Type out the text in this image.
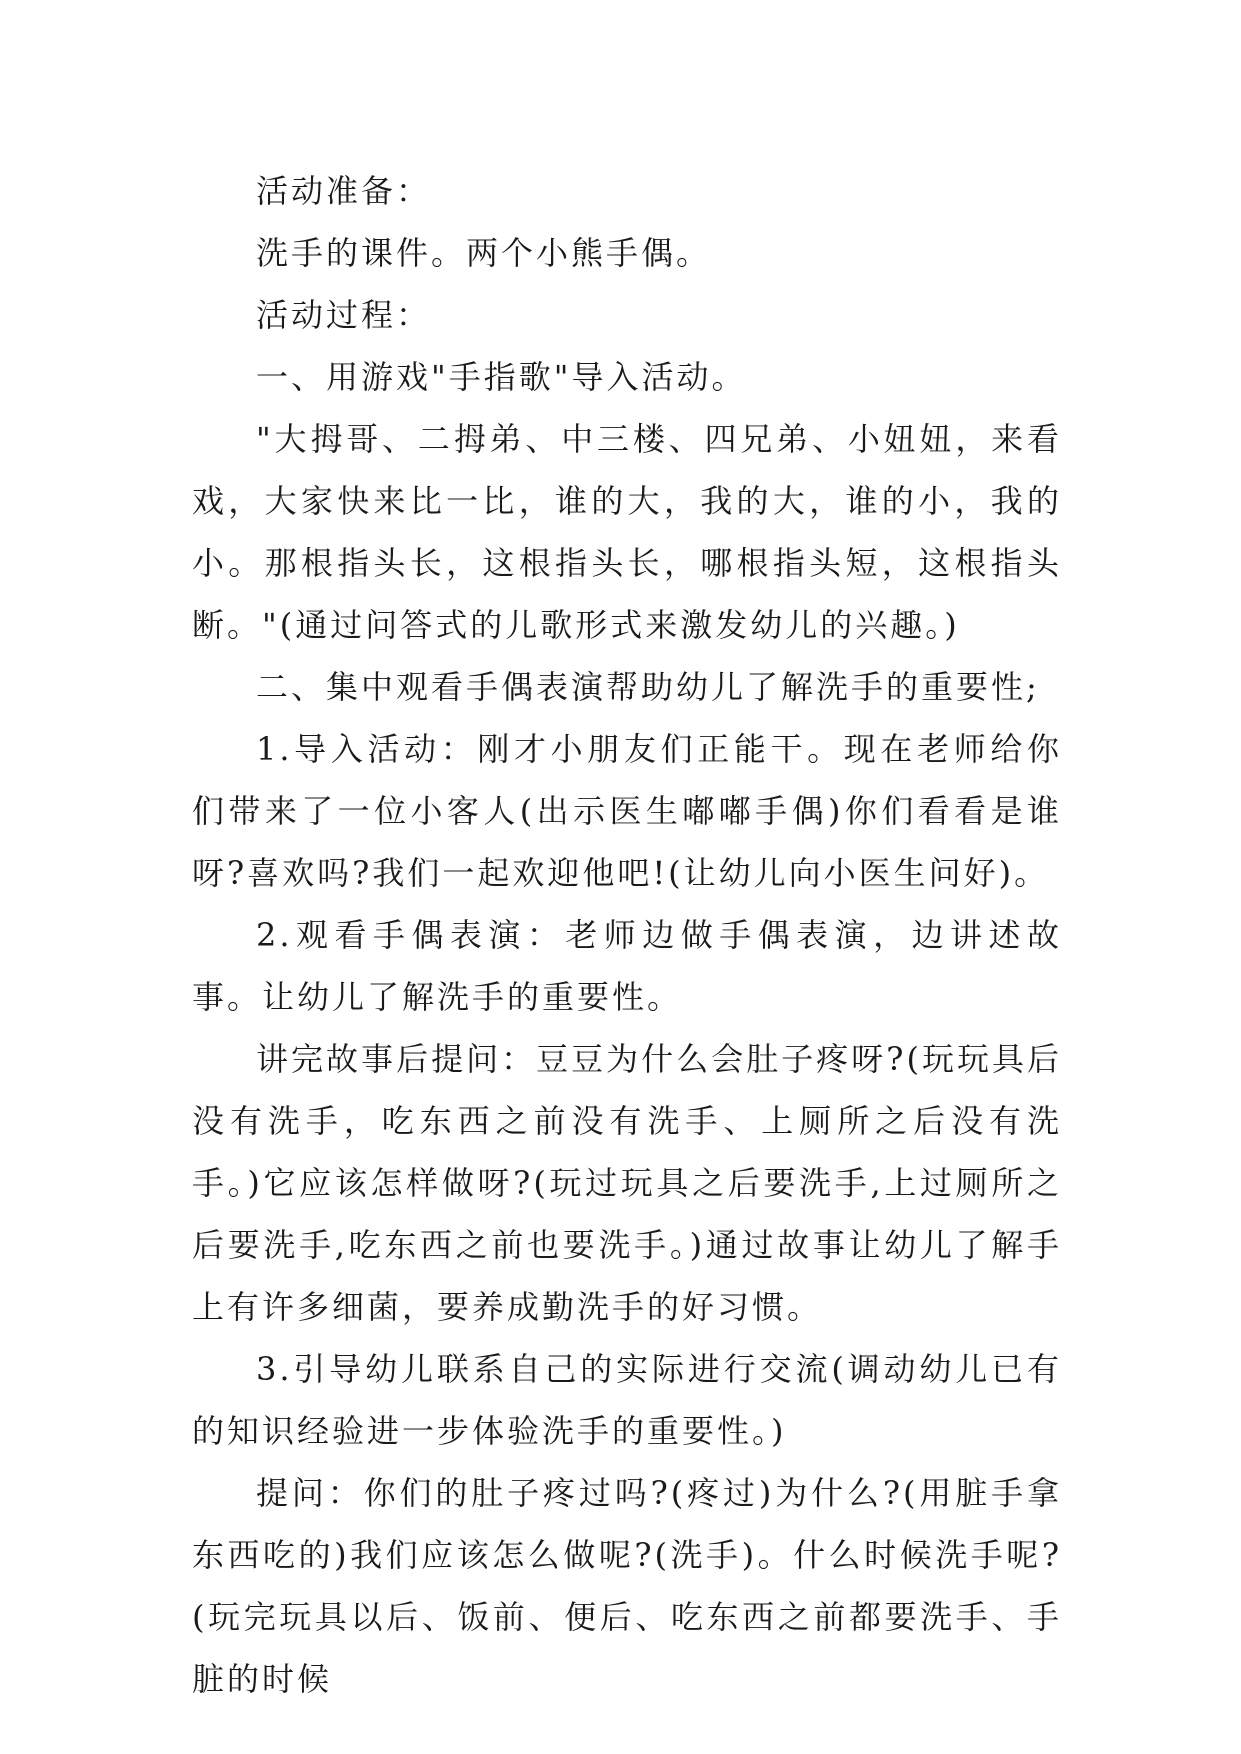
活动准备：

洗手的课件。两个小熊手偶。

活动过程：

一、用游戏"手指歌"导入活动。

"大拇哥、二拇弟、中三楼、四兄弟、小妞妞，来看戏，大家快来比一比，谁的大，我的大，谁的小，我的小。那根指头长，这根指头长，哪根指头短，这根指头断。"(通过问答式的儿歌形式来激发幼儿的兴趣。)

二、集中观看手偶表演帮助幼儿了解洗手的重要性;

1.导入活动：刚才小朋友们正能干。现在老师给你们带来了一位小客人(出示医生嘟嘟手偶)你们看看是谁呀?喜欢吗?我们一起欢迎他吧!(让幼儿向小医生问好)。

2.观看手偶表演：老师边做手偶表演，边讲述故事。让幼儿了解洗手的重要性。

讲完故事后提问：豆豆为什么会肚子疼呀?(玩玩具后没有洗手，吃东西之前没有洗手、上厕所之后没有洗手。)它应该怎样做呀?(玩过玩具之后要洗手,上过厕所之后要洗手,吃东西之前也要洗手。)通过故事让幼儿了解手上有许多细菌，要养成勤洗手的好习惯。

3.引导幼儿联系自己的实际进行交流(调动幼儿已有的知识经验进一步体验洗手的重要性。)

提问：你们的肚子疼过吗?(疼过)为什么?(用脏手拿东西吃的)我们应该怎么做呢?(洗手)。什么时候洗手呢?(玩完玩具以后、饭前、便后、吃东西之前都要洗手、手脏的时候
